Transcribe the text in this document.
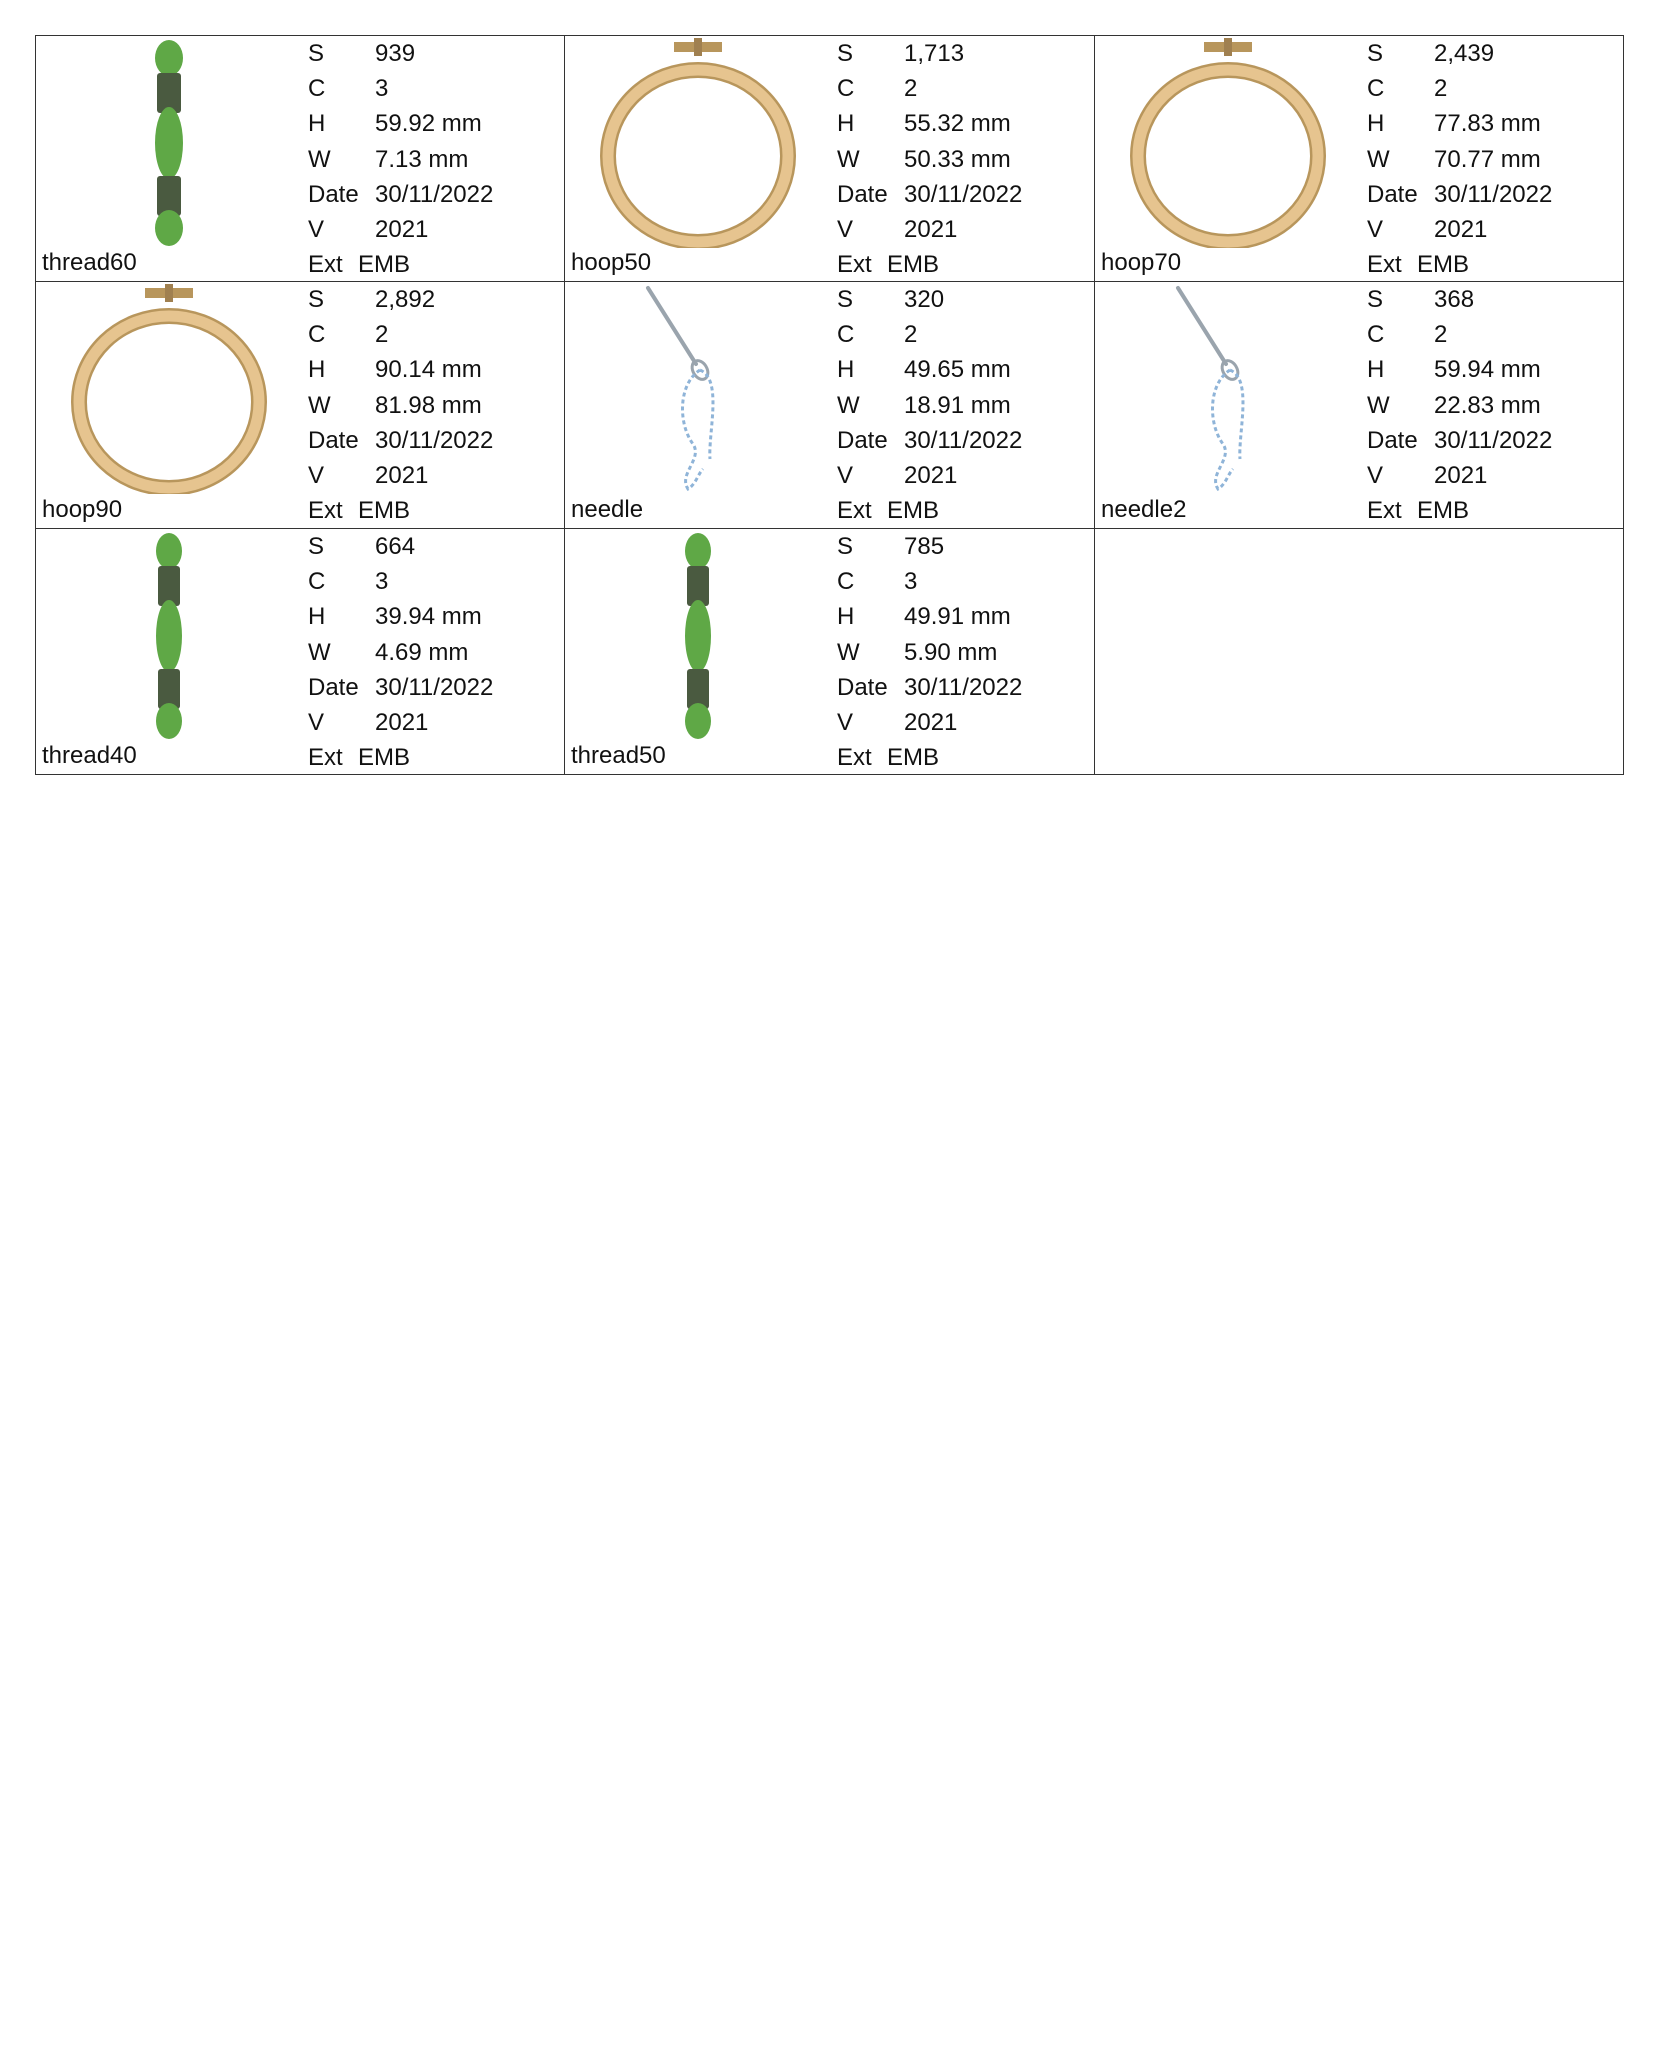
thread60
S	939
C	3
H	59.92 mm
W	7.13 mm
Date 30/11/2022
V	2021
Ext EMB	hoop50
S	1,713
C	2
H	55.32 mm
W	50.33 mm
Date 30/11/2022
V	2021
Ext EMB	hoop70
S	2,439
C	2
H	77.83 mm
W	70.77 mm
Date 30/11/2022
V	2021
Ext EMB
hoop90
S	2,892
C	2
H	90.14 mm
W	81.98 mm
Date 30/11/2022
V	2021
Ext EMB	needle
S	320
C	2
H	49.65 mm
W	18.91 mm
Date 30/11/2022
V	2021
Ext EMB	needle2
S	368
C	2
H	59.94 mm
W	22.83 mm
Date 30/11/2022
V	2021
Ext EMB
thread40
S	664
C	3
H	39.94 mm
W	4.69 mm
Date 30/11/2022
V	2021
Ext EMB	thread50
S	785
C	3
H	49.91 mm
W	5.90 mm
Date 30/11/2022
V	2021
Ext EMB
